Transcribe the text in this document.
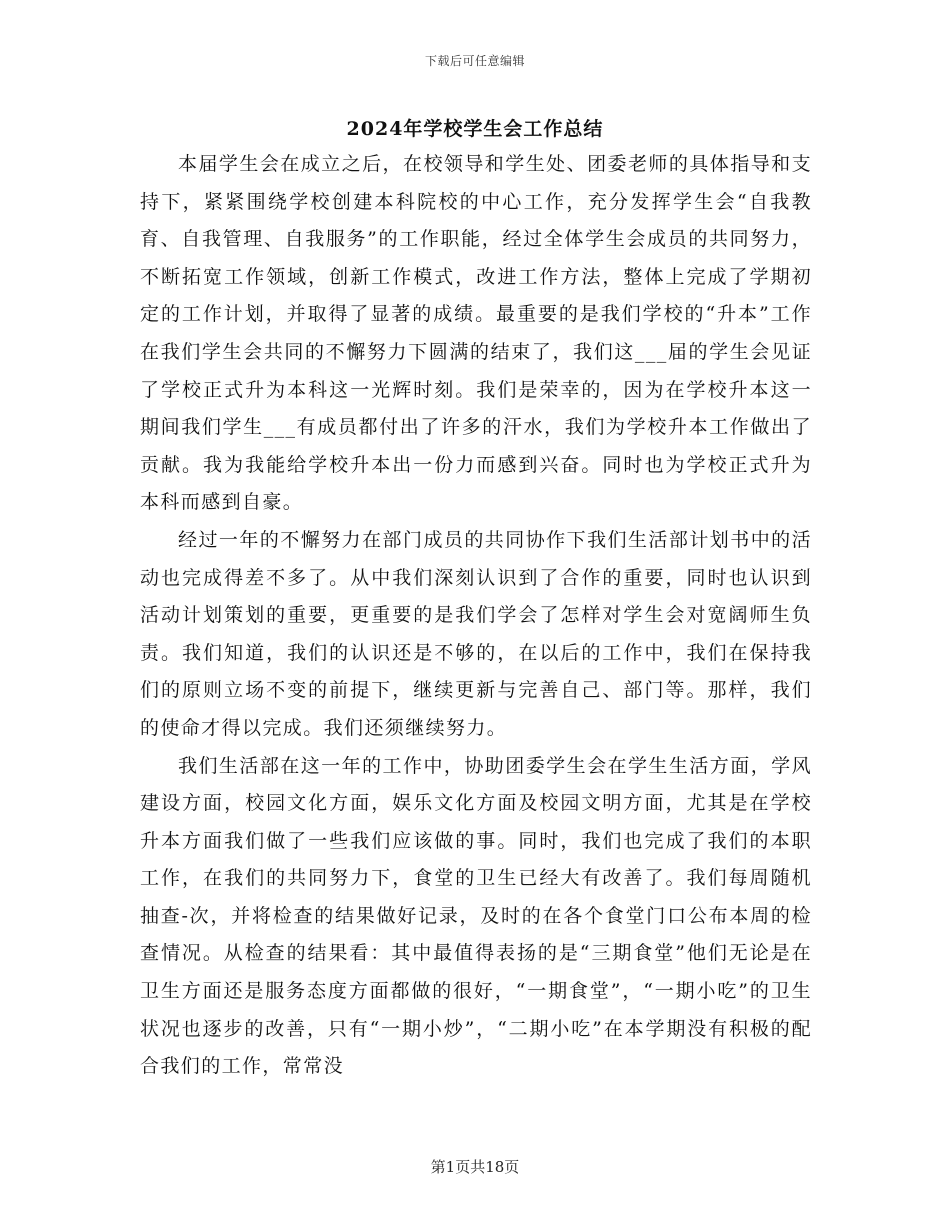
下载后可任意编辑
2024年学校学生会工作总结

本届学生会在成立之后，在校领导和学生处、团委老师的具体指导和支持下，紧紧围绕学校创建本科院校的中心工作，充分发挥学生会“自我教育、自我管理、自我服务”的工作职能，经过全体学生会成员的共同努力，不断拓宽工作领域，创新工作模式，改进工作方法，整体上完成了学期初定的工作计划，并取得了显著的成绩。最重要的是我们学校的“升本”工作在我们学生会共同的不懈努力下圆满的结束了，我们这___届的学生会见证了学校正式升为本科这一光辉时刻。我们是荣幸的，因为在学校升本这一期间我们学生___有成员都付出了许多的汗水，我们为学校升本工作做出了贡献。我为我能给学校升本出一份力而感到兴奋。同时也为学校正式升为本科而感到自豪。

经过一年的不懈努力在部门成员的共同协作下我们生活部计划书中的活动也完成得差不多了。从中我们深刻认识到了合作的重要，同时也认识到活动计划策划的重要，更重要的是我们学会了怎样对学生会对宽阔师生负责。我们知道，我们的认识还是不够的，在以后的工作中，我们在保持我们的原则立场不变的前提下，继续更新与完善自己、部门等。那样，我们的使命才得以完成。我们还须继续努力。

我们生活部在这一年的工作中，协助团委学生会在学生生活方面，学风建设方面，校园文化方面，娱乐文化方面及校园文明方面，尤其是在学校升本方面我们做了一些我们应该做的事。同时，我们也完成了我们的本职工作，在我们的共同努力下，食堂的卫生已经大有改善了。我们每周随机抽查-次，并将检查的结果做好记录，及时的在各个食堂门口公布本周的检查情况。从检查的结果看：其中最值得表扬的是“三期食堂”他们无论是在卫生方面还是服务态度方面都做的很好，“一期食堂”，“一期小吃”的卫生状况也逐步的改善，只有“一期小炒”，“二期小吃”在本学期没有积极的配合我们的工作，常常没

第1页共18页
